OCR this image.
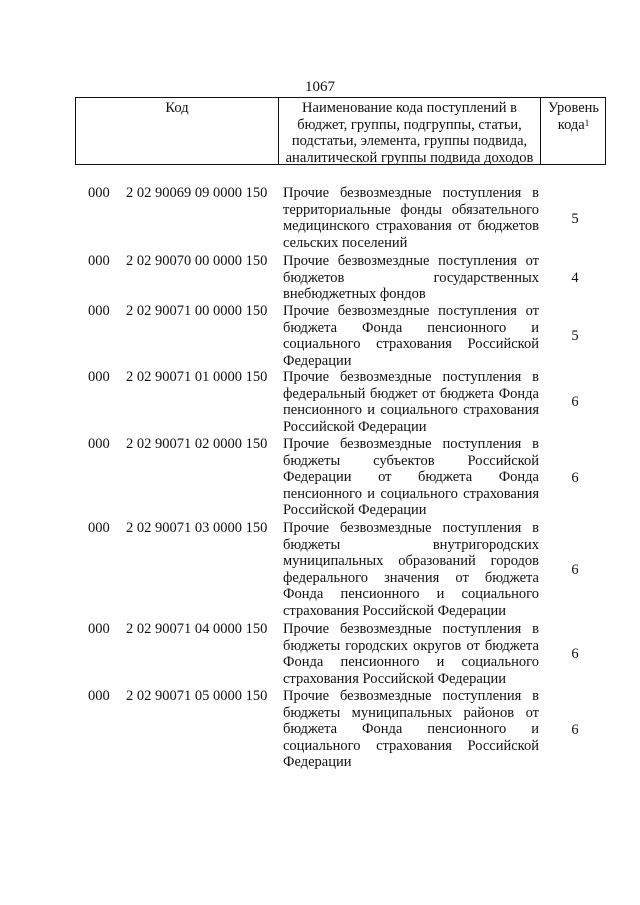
1067
Код	Наименование кода поступлений в
бюджет, группы, подгруппы, статьи,
подстатьи, элемента, группы подвида,
аналитической группы подвида доходов
Уровень
кода$^1$
000 2 02 90069 09 0000 150 Прочие безвозмездные поступления в территориальные фонды обязательного медицинского страхования от бюджетов сельских поселений
5
000 2 02 90070 00 0000 150 Прочие безвозмездные поступления от бюджетов государственных внебюджетных фондов
4
000 2 02 90071 00 0000 150 Прочие безвозмездные поступления от бюджета Фонда пенсионного и социального страхования Российской Федерации
5
000 2 02 90071 01 0000 150 Прочие безвозмездные поступления в федеральный бюджет от бюджета Фонда пенсионного и социального страхования Российской Федерации
6
000 2 02 90071 02 0000 150 Прочие безвозмездные поступления в бюджеты субъектов Российской Федерации от бюджета Фонда пенсионного и социального страхования Российской Федерации
6
000 2 02 90071 03 0000 150 Прочие безвозмездные поступления в бюджеты внутригородских муниципальных образований городов федерального значения от бюджета Фонда пенсионного и социального страхования Российской Федерации
6
000 2 02 90071 04 0000 150 Прочие безвозмездные поступления в бюджеты городских округов от бюджета Фонда пенсионного и социального страхования Российской Федерации
6
000 2 02 90071 05 0000 150 Прочие безвозмездные поступления в бюджеты муниципальных районов от бюджета Фонда пенсионного и социального страхования Российской Федерации
6
